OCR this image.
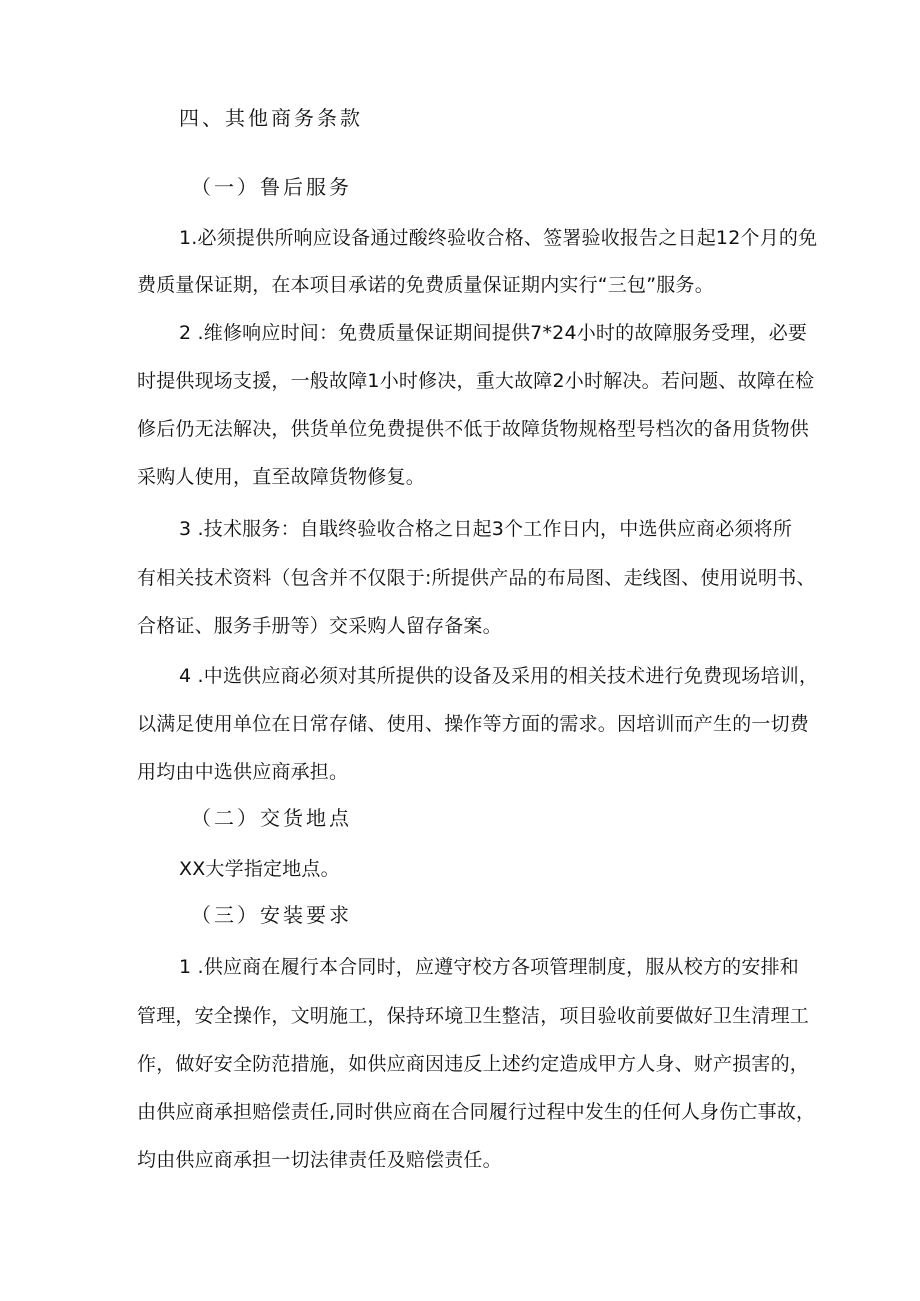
四、其他商务条款
（一）鲁后服务
1.必须提供所响应设备通过酸终验收合格、签署验收报告之日起12个月的免
费质量保证期，在本项目承诺的免费质量保证期内实行“三包”服务。
2 .维修响应时间：免费质量保证期间提供7*24小时的故障服务受理，必要
时提供现场支援，一般故障1小时修决，重大故障2小时解决。若问题、故障在检
修后仍无法解决，供货单位免费提供不低于故障货物规格型号档次的备用货物供
采购人使用，直至故障货物修复。
3 .技术服务：自戢终验收合格之日起3个工作日内，中选供应商必须将所
有相关技术资料（包含并不仅限于:所提供产品的布局图、走线图、使用说明书、
合格证、服务手册等）交采购人留存备案。
4 .中选供应商必须对其所提供的设备及采用的相关技术进行免费现场培训，
以满足使用单位在日常存储、使用、操作等方面的需求。因培训而产生的一切费
用均由中选供应商承担。
（二）交货地点
XX大学指定地点。
（三）安装要求
1 .供应商在履行本合同时，应遵守校方各项管理制度，服从校方的安排和
管理，安全操作，文明施工，保持环境卫生整洁，项目验收前要做好卫生清理工
作，做好安全防范措施，如供应商因违反上述约定造成甲方人身、财产损害的，
由供应商承担赔偿责任,同时供应商在合同履行过程中发生的任何人身伤亡事故，
均由供应商承担一切法律责任及赔偿责任。
